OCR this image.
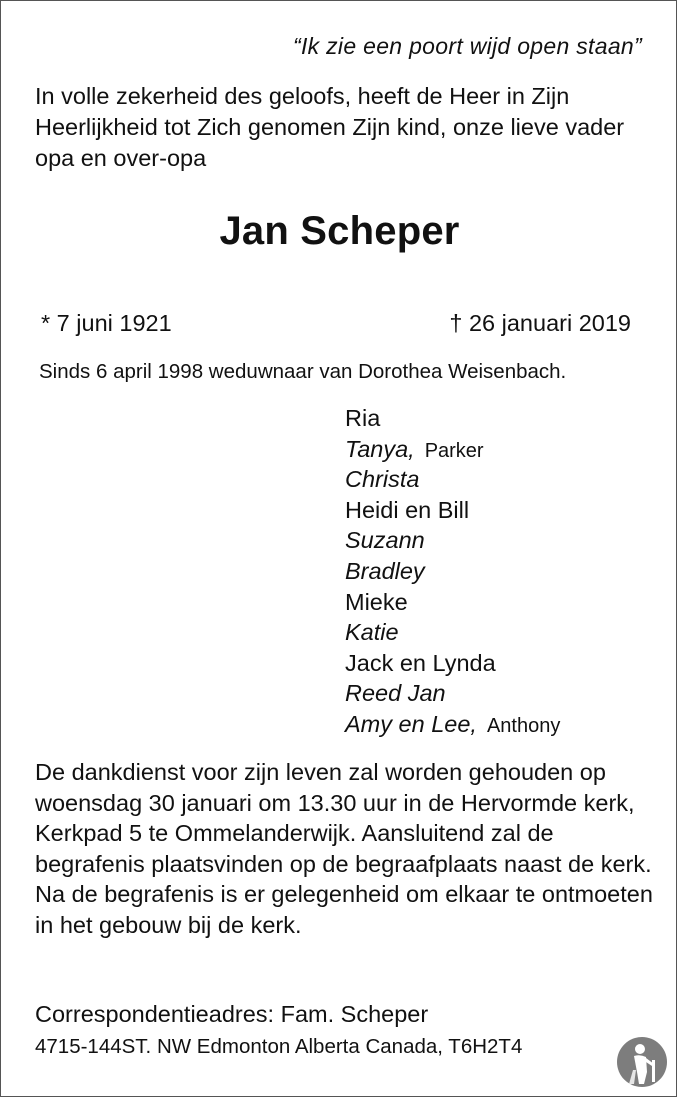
“Ik zie een poort wijd open staan”
In volle zekerheid des geloofs, heeft de Heer in Zijn Heerlijkheid tot Zich genomen Zijn kind, onze lieve vader opa en over-opa
Jan Scheper
* 7 juni 1921	† 26 januari 2019
Sinds 6 april 1998 weduwnaar van Dorothea Weisenbach.
Ria
Tanya, Parker
Christa
Heidi en Bill
Suzann
Bradley
Mieke
Katie
Jack en Lynda
Reed Jan
Amy en Lee, Anthony

De dankdienst voor zijn leven zal worden gehouden op woensdag 30 januari om 13.30 uur in de Hervormde kerk, Kerkpad 5 te Ommelanderwijk. Aansluitend zal de begrafenis plaatsvinden op de begraafplaats naast de kerk.

Na de begrafenis is er gelegenheid om elkaar te ontmoeten in het gebouw bij de kerk.

Correspondentieadres: Fam. Scheper
4715-144ST. NW Edmonton Alberta Canada, T6H2T4
